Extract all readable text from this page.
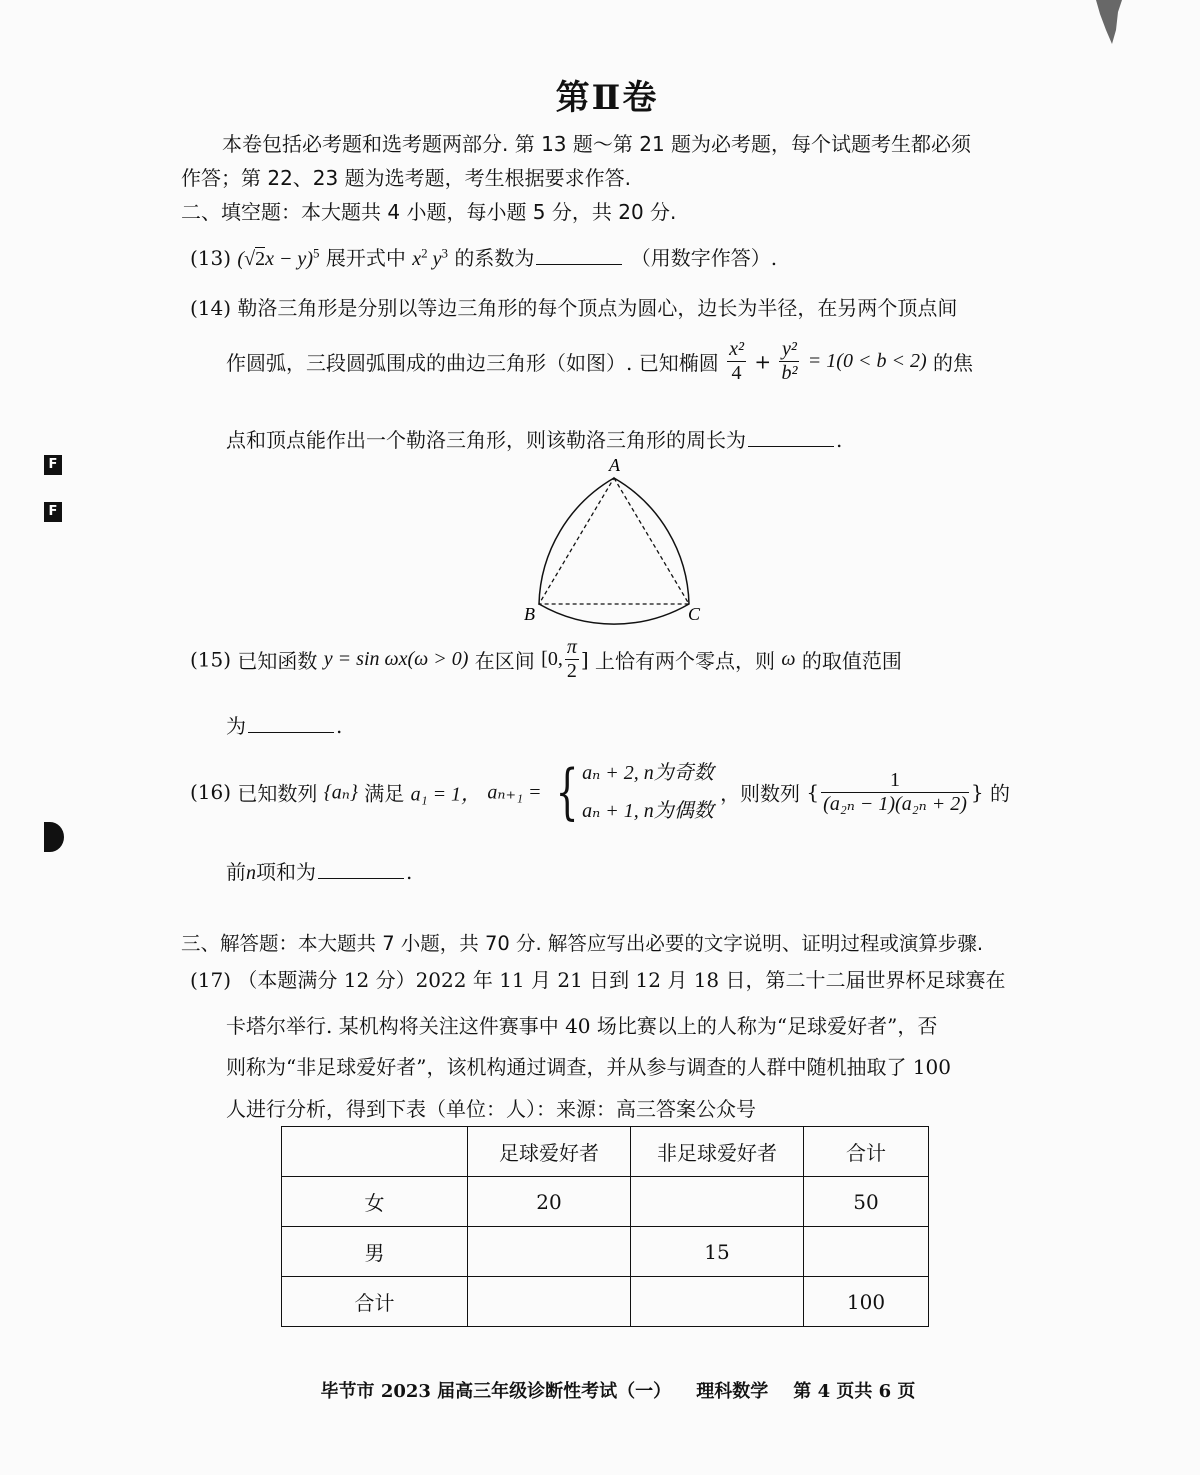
第Ⅱ卷
本卷包括必考题和选考题两部分. 第 13 题～第 21 题为必考题，每个试题考生都必须
作答；第 22、23 题为选考题，考生根据要求作答.
二、填空题：本大题共 4 小题，每小题 5 分，共 20 分.
(13) $(√2x - y)^5$ 展开式中 $x^2$ $y^3$ 的系数为	（用数字作答）.
(14) 勒洛三角形是分别以等边三角形的每个顶点为圆心，边长为半径，在另两个顶点间
作圆弧，三段圆弧围成的曲边三角形（如图）. 已知椭圆 $\frac{\text{x²}}{4} + \frac{\text{y²}}{\text{b²}} = 1(0 < b < 2)$ 的焦
点和顶点能作出一个勒洛三角形，则该勒洛三角形的周长为	.
A
B	C
(15) 已知函数 y = sin ωx(ω > 0) 在区间 [0, $\frac{\pi}{2}$ ] 上恰有两个零点，则 ω 的取值范围
为	.
(16) 已知数列 {aₙ} 满足 a₁ = 1， aₙ₊₁ = { aₙ + 2, n为奇数
aₙ + 1, n为偶数
，则数列 { $\frac{1}{\text{(a₂ₙ − 1)(a₂ₙ + 2)}}$ } 的
前n项和为	.
三、解答题：本大题共 7 小题，共 70 分. 解答应写出必要的文字说明、证明过程或演算步骤.
(17) （本题满分 12 分）2022 年 11 月 21 日到 12 月 18 日，第二十二届世界杯足球赛在
卡塔尔举行. 某机构将关注这件赛事中 40 场比赛以上的人称为“足球爱好者”，否
则称为“非足球爱好者”，该机构通过调查，并从参与调查的人群中随机抽取了 100
人进行分析，得到下表（单位：人）：来源：高三答案公众号
	足球爱好者	非足球爱好者	合计
女	20		50
男		15	
合计			100
毕节市 2023 届高三年级诊断性考试（一）    理科数学    第 4 页共 6 页
F
F
